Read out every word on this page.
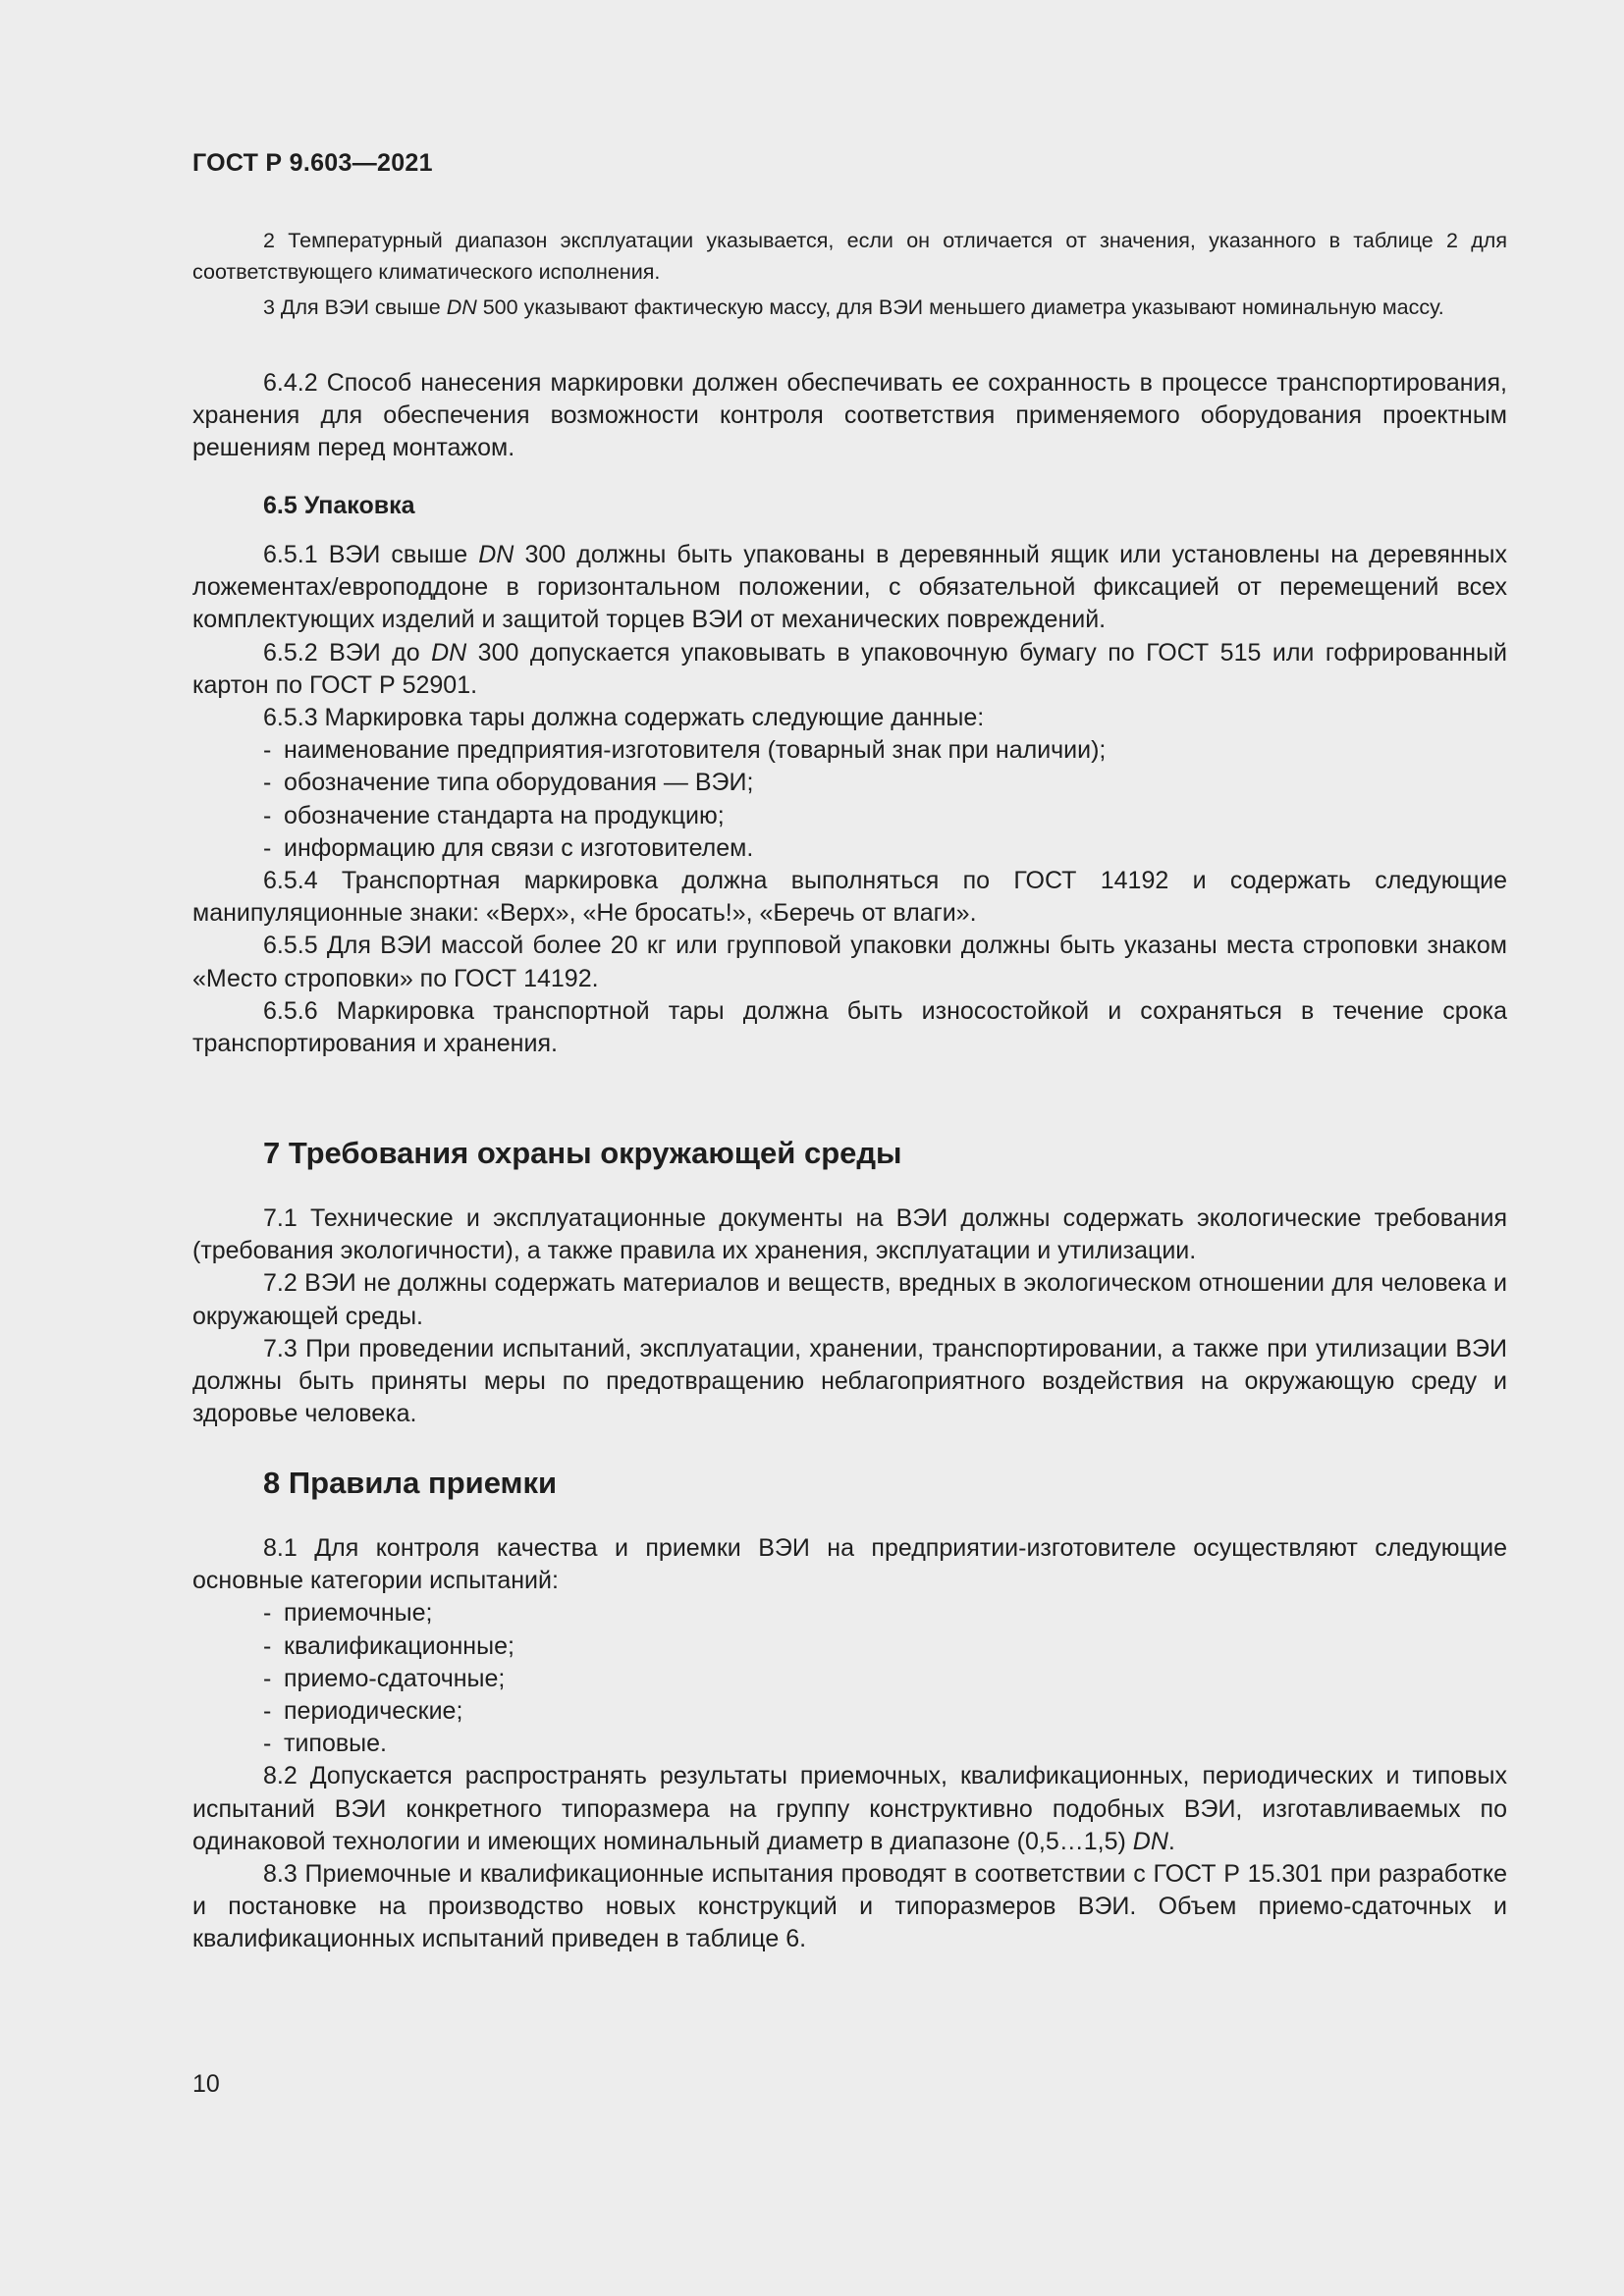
ГОСТ Р 9.603—2021

2 Температурный диапазон эксплуатации указывается, если он отличается от значения, указанного в таблице 2 для соответствующего климатического исполнения.

3 Для ВЭИ свыше DN 500 указывают фактическую массу, для ВЭИ меньшего диаметра указывают номинальную массу.

6.4.2 Способ нанесения маркировки должен обеспечивать ее сохранность в процессе транспортирования, хранения для обеспечения возможности контроля соответствия применяемого оборудования проектным решениям перед монтажом.

6.5 Упаковка

6.5.1 ВЭИ свыше DN 300 должны быть упакованы в деревянный ящик или установлены на деревянных ложементах/европоддоне в горизонтальном положении, с обязательной фиксацией от перемещений всех комплектующих изделий и защитой торцев ВЭИ от механических повреждений.

6.5.2 ВЭИ до DN 300 допускается упаковывать в упаковочную бумагу по ГОСТ 515 или гофрированный картон по ГОСТ Р 52901.

6.5.3 Маркировка тары должна содержать следующие данные:

- наименование предприятия-изготовителя (товарный знак при наличии);

- обозначение типа оборудования — ВЭИ;

- обозначение стандарта на продукцию;

- информацию для связи с изготовителем.

6.5.4 Транспортная маркировка должна выполняться по ГОСТ 14192 и содержать следующие манипуляционные знаки: «Верх», «Не бросать!», «Беречь от влаги».

6.5.5 Для ВЭИ массой более 20 кг или групповой упаковки должны быть указаны места строповки знаком «Место строповки» по ГОСТ 14192.

6.5.6 Маркировка транспортной тары должна быть износостойкой и сохраняться в течение срока транспортирования и хранения.

7 Требования охраны окружающей среды

7.1 Технические и эксплуатационные документы на ВЭИ должны содержать экологические требования (требования экологичности), а также правила их хранения, эксплуатации и утилизации.

7.2 ВЭИ не должны содержать материалов и веществ, вредных в экологическом отношении для человека и окружающей среды.

7.3 При проведении испытаний, эксплуатации, хранении, транспортировании, а также при утилизации ВЭИ должны быть приняты меры по предотвращению неблагоприятного воздействия на окружающую среду и здоровье человека.

8 Правила приемки

8.1 Для контроля качества и приемки ВЭИ на предприятии-изготовителе осуществляют следующие основные категории испытаний:

- приемочные;

- квалификационные;

- приемо-сдаточные;

- периодические;

- типовые.

8.2 Допускается распространять результаты приемочных, квалификационных, периодических и типовых испытаний ВЭИ конкретного типоразмера на группу конструктивно подобных ВЭИ, изготавливаемых по одинаковой технологии и имеющих номинальный диаметр в диапазоне (0,5…1,5) DN.

8.3 Приемочные и квалификационные испытания проводят в соответствии с ГОСТ Р 15.301 при разработке и постановке на производство новых конструкций и типоразмеров ВЭИ. Объем приемо-сдаточных и квалификационных испытаний приведен в таблице 6.

10
